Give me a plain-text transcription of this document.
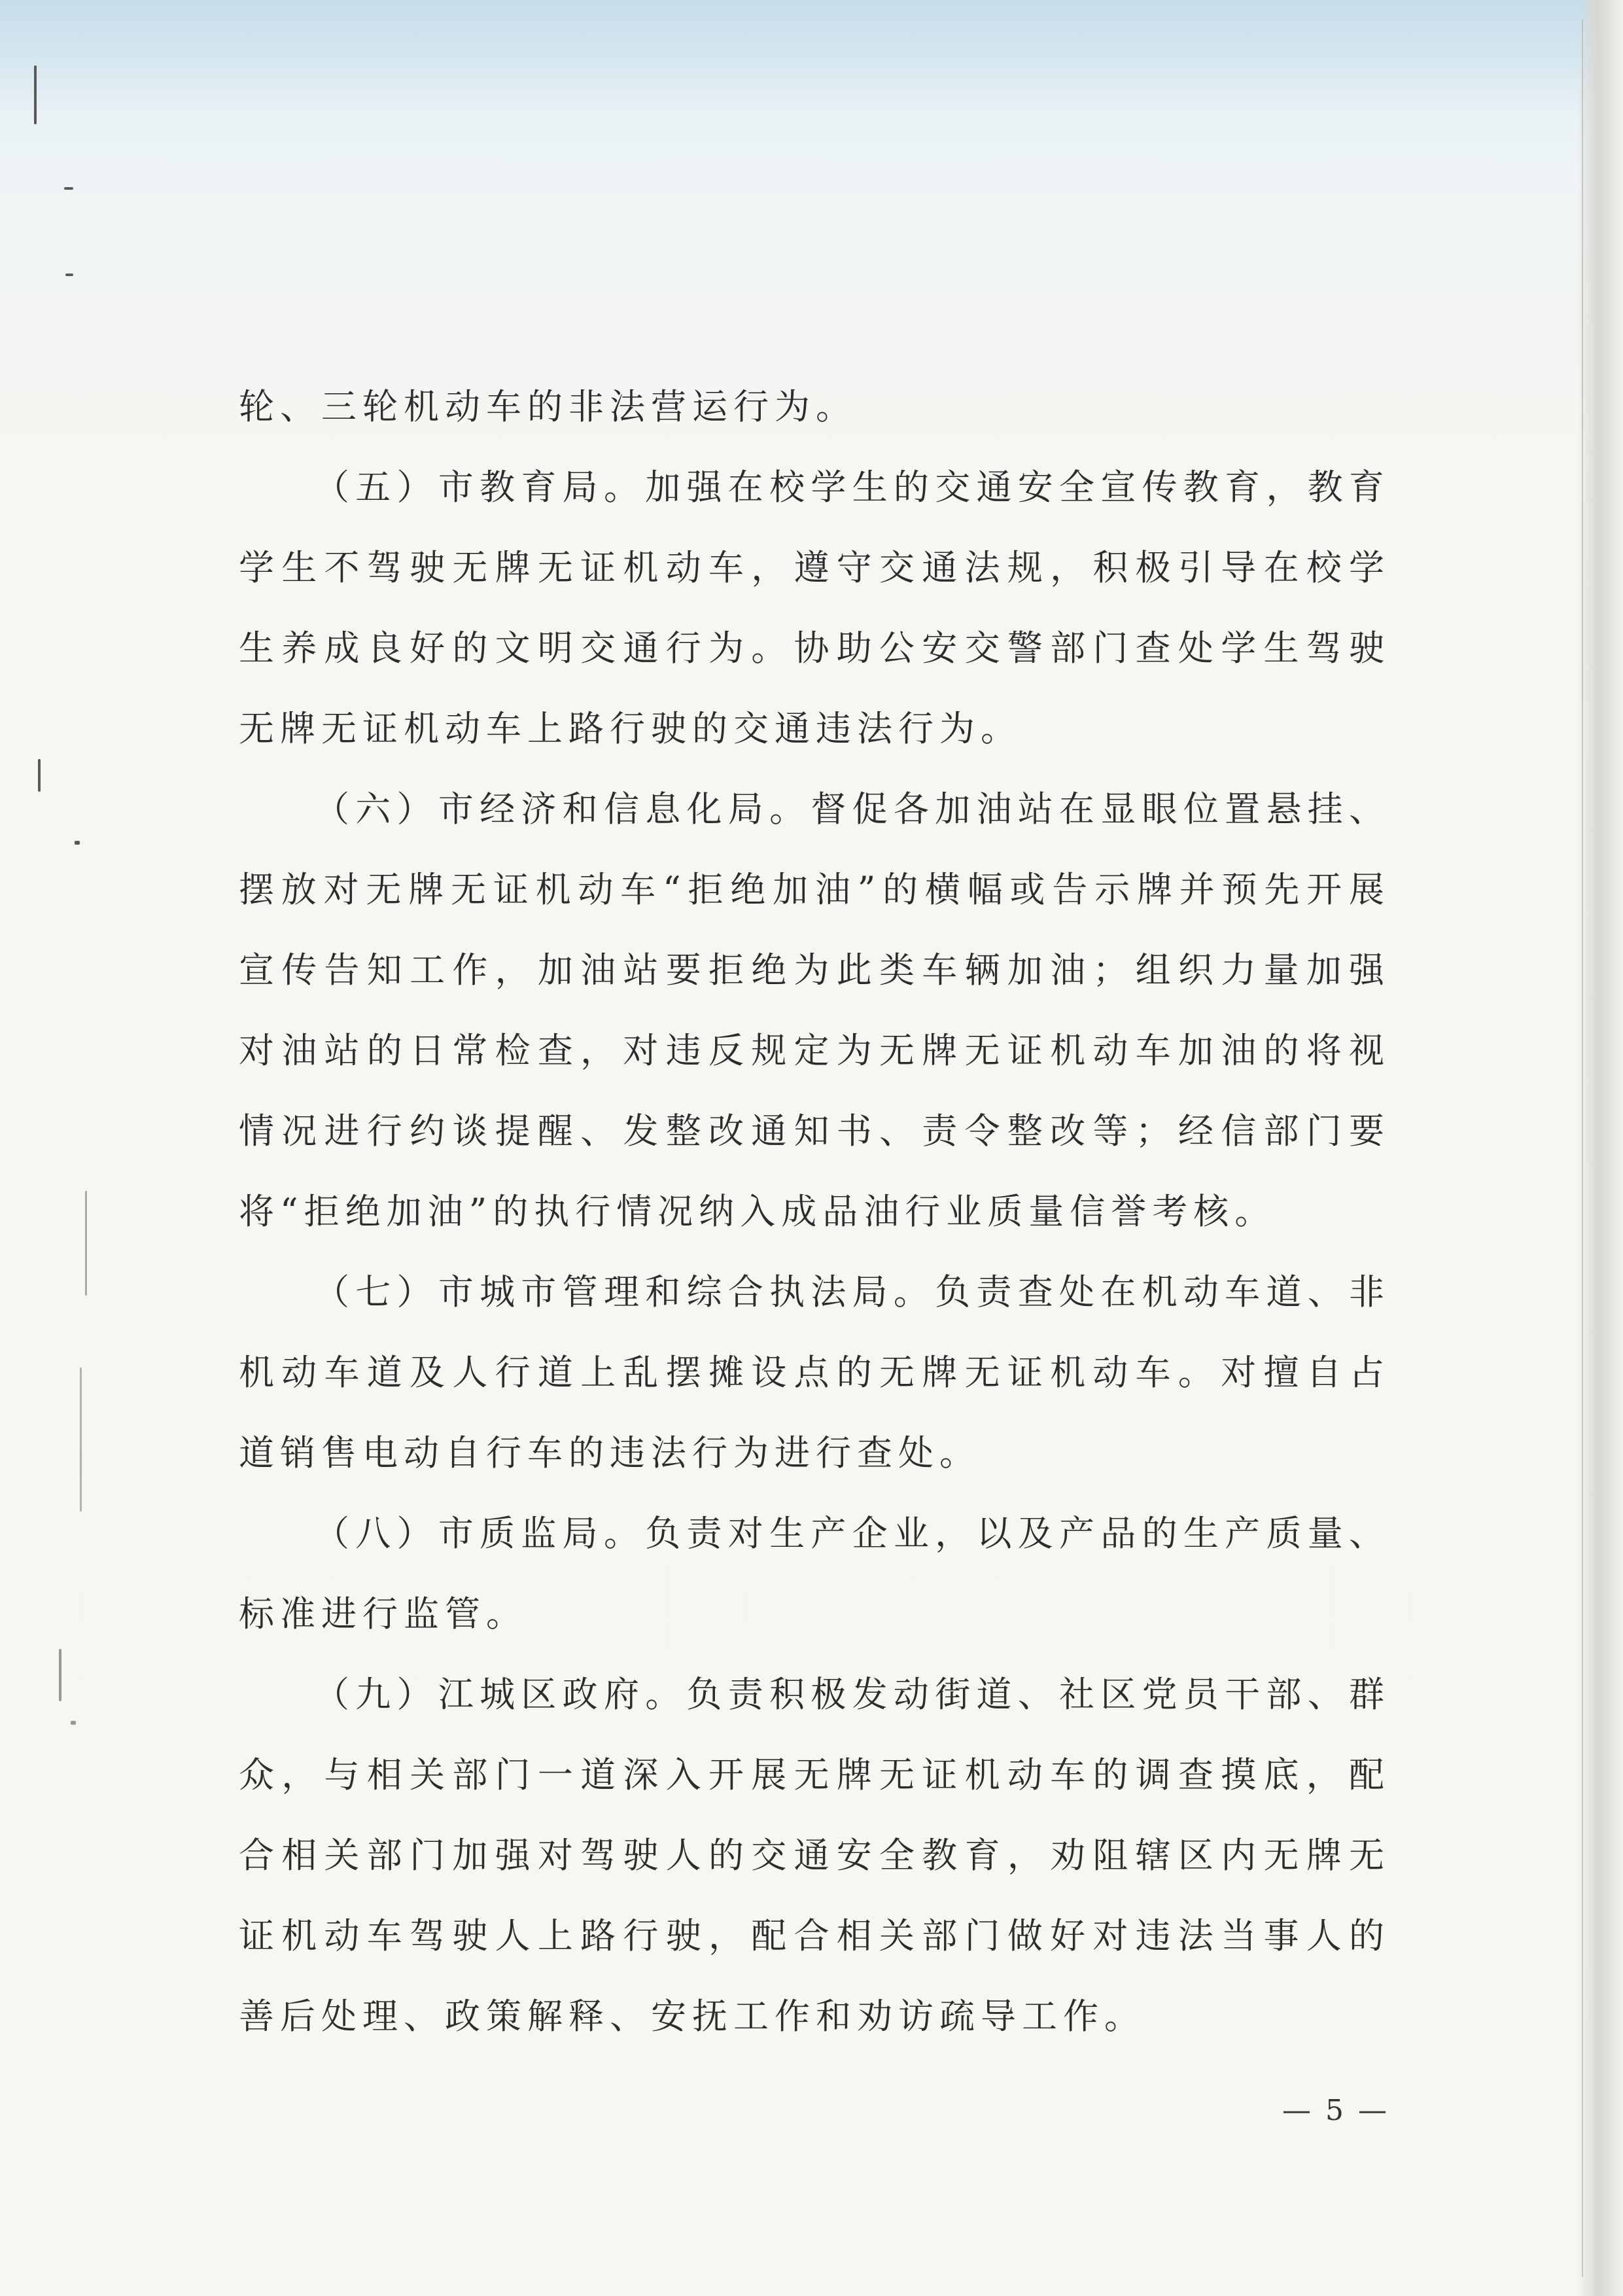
轮、三轮机动车的非法营运行为。

（五）市教育局。加强在校学生的交通安全宣传教育，教育学生不驾驶无牌无证机动车，遵守交通法规，积极引导在校学生养成良好的文明交通行为。协助公安交警部门查处学生驾驶无牌无证机动车上路行驶的交通违法行为。

（六）市经济和信息化局。督促各加油站在显眼位置悬挂、摆放对无牌无证机动车“拒绝加油”的横幅或告示牌并预先开展宣传告知工作，加油站要拒绝为此类车辆加油；组织力量加强对油站的日常检查，对违反规定为无牌无证机动车加油的将视情况进行约谈提醒、发整改通知书、责令整改等；经信部门要将“拒绝加油”的执行情况纳入成品油行业质量信誉考核。

（七）市城市管理和综合执法局。负责查处在机动车道、非机动车道及人行道上乱摆摊设点的无牌无证机动车。对擅自占道销售电动自行车的违法行为进行查处。

（八）市质监局。负责对生产企业，以及产品的生产质量、标准进行监管。

（九）江城区政府。负责积极发动街道、社区党员干部、群众，与相关部门一道深入开展无牌无证机动车的调查摸底，配合相关部门加强对驾驶人的交通安全教育，劝阻辖区内无牌无证机动车驾驶人上路行驶，配合相关部门做好对违法当事人的善后处理、政策解释、安抚工作和劝访疏导工作。

— 5 —
